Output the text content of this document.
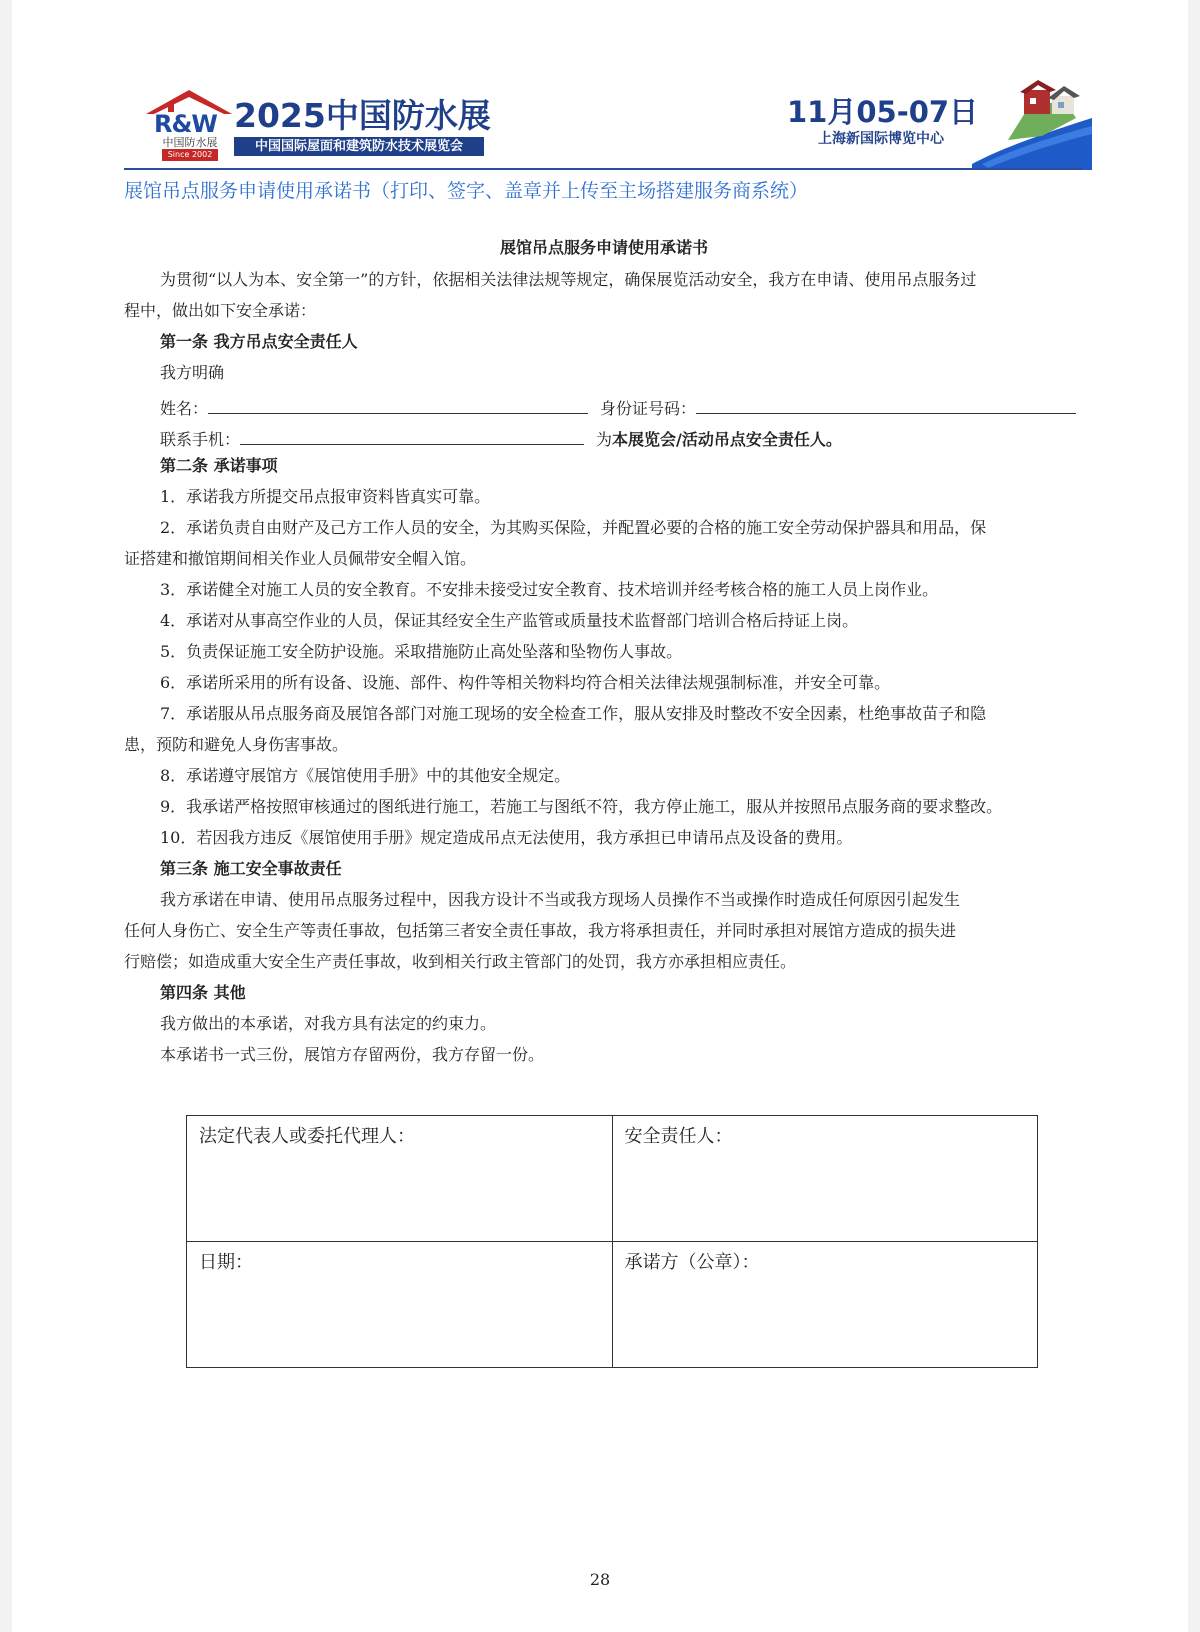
R&W
中国防水展
Since 2002
2025中国防水展
中国国际屋面和建筑防水技术展览会
11月05-07日
上海新国际博览中心
展馆吊点服务申请使用承诺书（打印、签字、盖章并上传至主场搭建服务商系统）
展馆吊点服务申请使用承诺书

为贯彻“以人为本、安全第一”的方针，依据相关法律法规等规定，确保展览活动安全，我方在申请、使用吊点服务过

程中，做出如下安全承诺：

第一条 我方吊点安全责任人

我方明确

姓名：	身份证号码：
联系手机：	为 本展览会/活动吊点安全责任人。

第二条 承诺事项

1．承诺我方所提交吊点报审资料皆真实可靠。

2．承诺负责自由财产及己方工作人员的安全，为其购买保险，并配置必要的合格的施工安全劳动保护器具和用品，保

证搭建和撤馆期间相关作业人员佩带安全帽入馆。

3．承诺健全对施工人员的安全教育。不安排未接受过安全教育、技术培训并经考核合格的施工人员上岗作业。

4．承诺对从事高空作业的人员，保证其经安全生产监管或质量技术监督部门培训合格后持证上岗。

5．负责保证施工安全防护设施。采取措施防止高处坠落和坠物伤人事故。

6．承诺所采用的所有设备、设施、部件、构件等相关物料均符合相关法律法规强制标准，并安全可靠。

7．承诺服从吊点服务商及展馆各部门对施工现场的安全检查工作，服从安排及时整改不安全因素，杜绝事故苗子和隐

患，预防和避免人身伤害事故。

8．承诺遵守展馆方《展馆使用手册》中的其他安全规定。

9．我承诺严格按照审核通过的图纸进行施工，若施工与图纸不符，我方停止施工，服从并按照吊点服务商的要求整改。

10．若因我方违反《展馆使用手册》规定造成吊点无法使用，我方承担已申请吊点及设备的费用。

第三条 施工安全事故责任

我方承诺在申请、使用吊点服务过程中，因我方设计不当或我方现场人员操作不当或操作时造成任何原因引起发生

任何人身伤亡、安全生产等责任事故，包括第三者安全责任事故，我方将承担责任，并同时承担对展馆方造成的损失进

行赔偿；如造成重大安全生产责任事故，收到相关行政主管部门的处罚，我方亦承担相应责任。

第四条 其他

我方做出的本承诺，对我方具有法定的约束力。

本承诺书一式三份，展馆方存留两份，我方存留一份。

法定代表人或委托代理人：	安全责任人：
日期：	承诺方（公章）：
28
